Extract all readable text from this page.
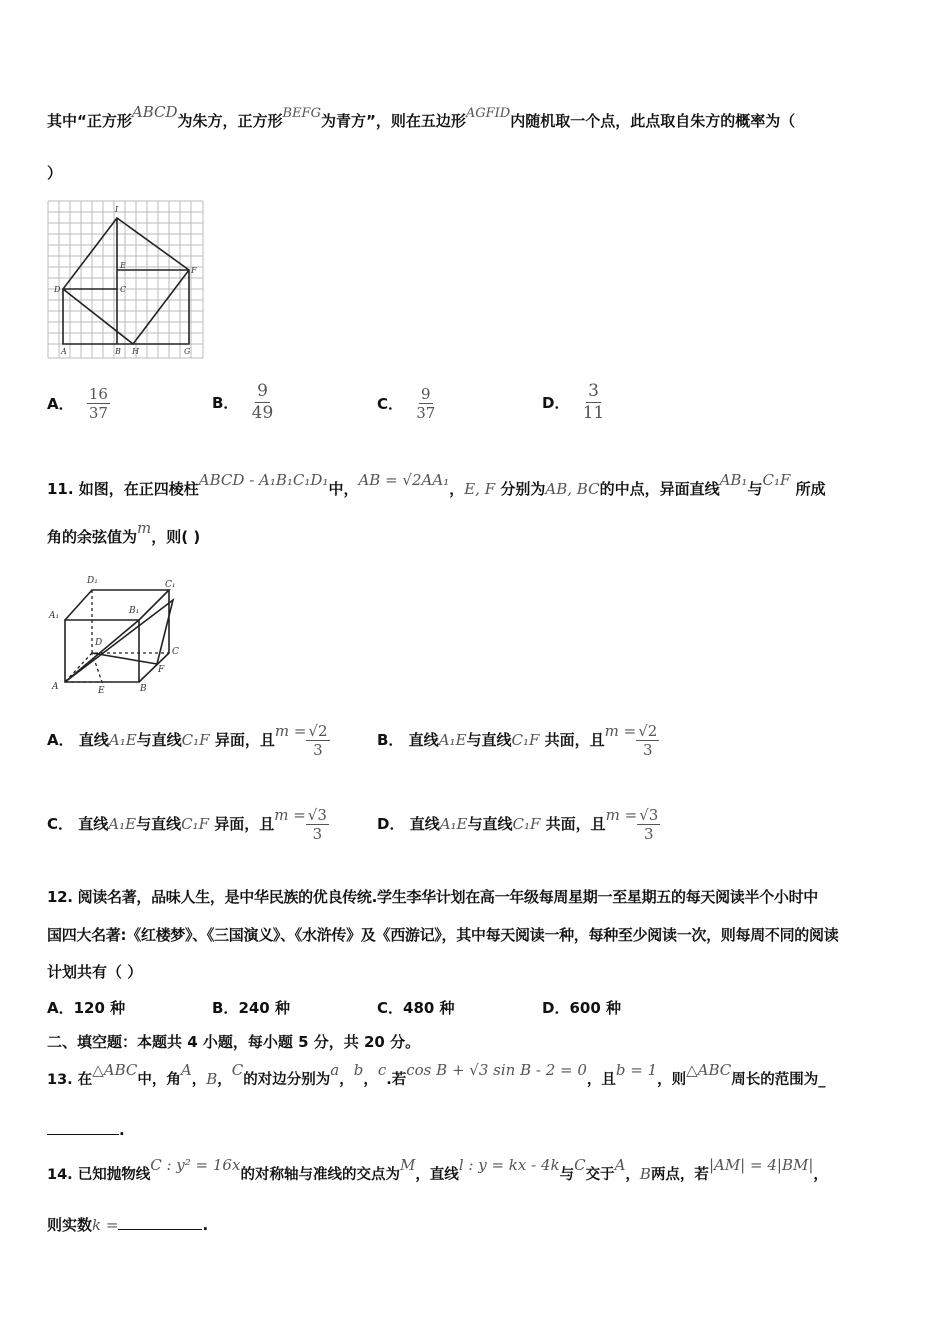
其中“正方形ABCD为朱方，正方形BEFG为青方”，则在五边形AGFID内随机取一个点，此点取自朱方的概率为（
）
I
E
F
D	C
A	B H	G
A． $\frac{16}{37}$	B． $\frac{9}{49}$	C． $\frac{9}{37}$	D． $\frac{3}{11}$
11. 如图，在正四棱柱ABCD - A₁B₁C₁D₁中，AB = √2AA₁，E, F 分别为AB, BC的中点，异面直线AB₁与C₁F 所成
角的余弦值为m，则( )
D₁	C₁
A₁	B₁
D
C
A	E	B
F
A． 直线A₁E与直线C₁F 异面，且$m = \frac{√2}{3}$	B． 直线A₁E与直线C₁F 共面，且$m = \frac{√2}{3}$
C． 直线A₁E与直线C₁F 异面，且$m = \frac{√3}{3}$	D． 直线A₁E与直线C₁F 共面，且$m = \frac{√3}{3}$
12. 阅读名著，品味人生，是中华民族的优良传统.学生李华计划在高一年级每周星期一至星期五的每天阅读半个小时中
国四大名著:《红楼梦》、《三国演义》、《水浒传》及《西游记》，其中每天阅读一种，每种至少阅读一次，则每周不同的阅读
计划共有（ ）
A．120 种	B．240 种	C．480 种	D．600 种
二、填空题：本题共 4 小题，每小题 5 分，共 20 分。
13. 在△ABC中，角A，B，C的对边分别为a，b，c.若cos B + √3 sin B - 2 = 0，且b = 1，则△ABC周长的范围为_
.
14. 已知抛物线C : y² = 16x的对称轴与准线的交点为M，直线l : y = kx - 4k与C交于A，B两点，若|AM| = 4|BM|，
则实数k =	.
